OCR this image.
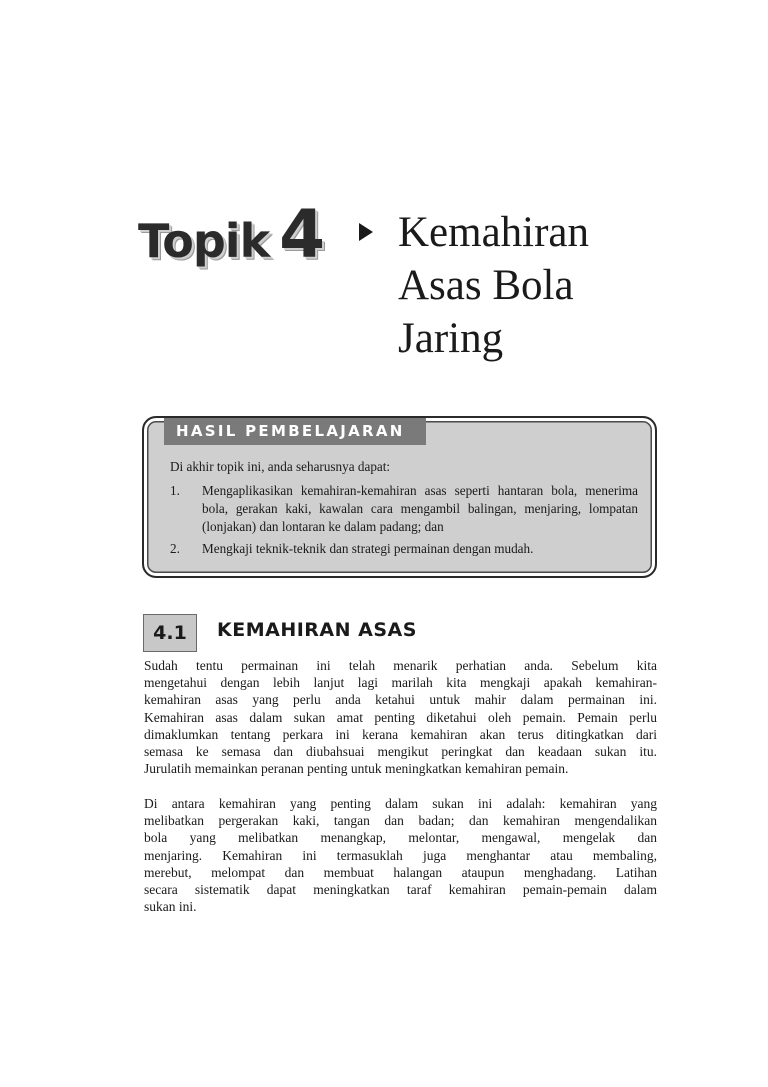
Topik 4 Kemahiran
Asas Bola
Jaring
HASIL PEMBELAJARAN
Di akhir topik ini, anda seharusnya dapat:
1. Mengaplikasikan kemahiran-kemahiran asas seperti hantaran bola, menerima bola, gerakan kaki, kawalan cara mengambil balingan, menjaring, lompatan (lonjakan) dan lontaran ke dalam padang; dan
2. Mengkaji teknik-teknik dan strategi permainan dengan mudah.
4.1	KEMAHIRAN ASAS
Sudah tentu permainan ini telah menarik perhatian anda. Sebelum kita
mengetahui dengan lebih lanjut lagi marilah kita mengkaji apakah kemahiran-
kemahiran asas yang perlu anda ketahui untuk mahir dalam permainan ini.
Kemahiran asas dalam sukan amat penting diketahui oleh pemain. Pemain perlu
dimaklumkan tentang perkara ini kerana kemahiran akan terus ditingkatkan dari
semasa ke semasa dan diubahsuai mengikut peringkat dan keadaan sukan itu.
Jurulatih memainkan peranan penting untuk meningkatkan kemahiran pemain.
Di antara kemahiran yang penting dalam sukan ini adalah: kemahiran yang
melibatkan pergerakan kaki, tangan dan badan; dan kemahiran mengendalikan
bola yang melibatkan menangkap, melontar, mengawal, mengelak dan
menjaring. Kemahiran ini termasuklah juga menghantar atau membaling,
merebut, melompat dan membuat halangan ataupun menghadang. Latihan
secara sistematik dapat meningkatkan taraf kemahiran pemain-pemain dalam
sukan ini.
